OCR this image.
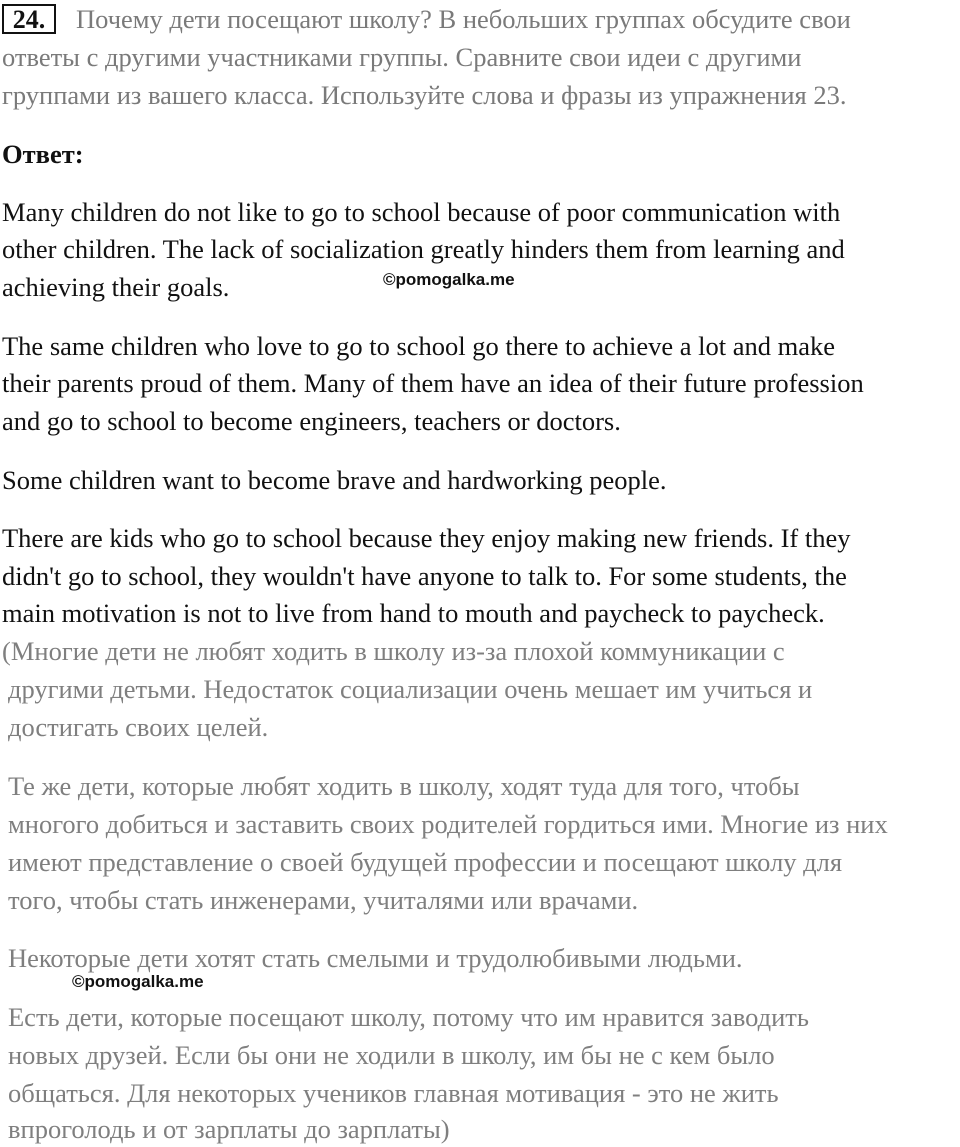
24.	Почему дети посещают школу? В небольших группах обсудите свои

ответы с другими участниками группы. Сравните свои идеи с другими

группами из вашего класса. Используйте слова и фразы из упражнения 23.

Ответ:

Many children do not like to go to school because of poor communication with

other children. The lack of socialization greatly hinders them from learning and

achieving their goals.	©pomogalka.me

The same children who love to go to school go there to achieve a lot and make

their parents proud of them. Many of them have an idea of their future profession

and go to school to become engineers, teachers or doctors.

Some children want to become brave and hardworking people.

There are kids who go to school because they enjoy making new friends. If they

didn't go to school, they wouldn't have anyone to talk to. For some students, the

main motivation is not to live from hand to mouth and paycheck to paycheck.

(Многие дети не любят ходить в школу из-за плохой коммуникации с

другими детьми. Недостаток социализации очень мешает им учиться и

достигать своих целей.

Те же дети, которые любят ходить в школу, ходят туда для того, чтобы

многого добиться и заставить своих родителей гордиться ими. Многие из них

имеют представление о своей будущей профессии и посещают школу для

того, чтобы стать инженерами, учиталями или врачами.

Некоторые дети хотят стать смелыми и трудолюбивыми людьми.

©pomogalka.me

Есть дети, которые посещают школу, потому что им нравится заводить

новых друзей. Если бы они не ходили в школу, им бы не с кем было

общаться. Для некоторых учеников главная мотивация - это не жить

впроголодь и от зарплаты до зарплаты)
